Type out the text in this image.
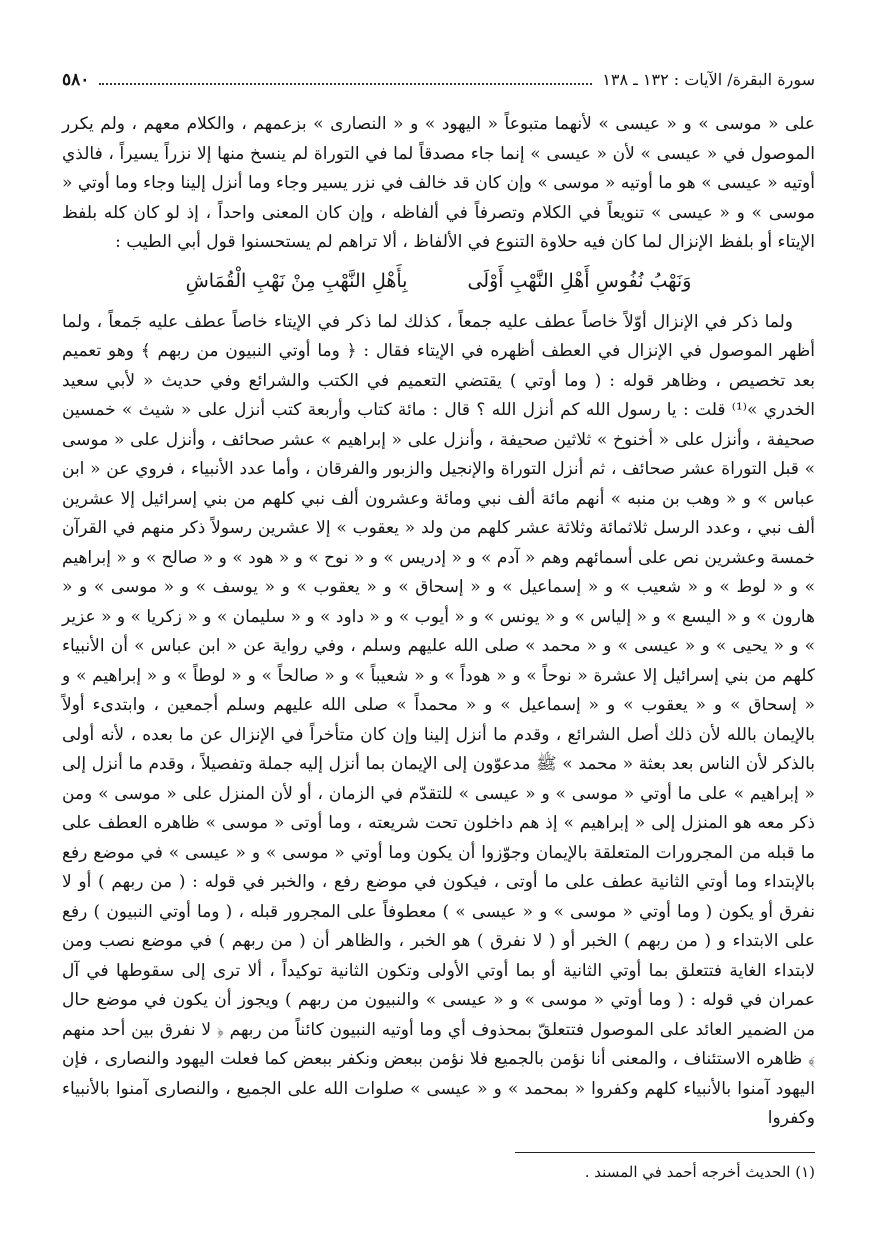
سورة البقرة/ الآيات : ١٣٢ ـ ١٣٨
٥٨٠

على « موسى » و « عيسى » لأنهما متبوعاً « اليهود » و « النصارى » بزعمهم ، والكلام معهم ، ولم يكرر الموصول في « عيسى » لأن « عيسى » إنما جاء مصدقاً لما في التوراة لم ينسخ منها إلا نزراً يسيراً ، فالذي أوتيه « عيسى » هو ما أوتيه « موسى » وإن كان قد خالف في نزر يسير وجاء وما أنزل إلينا وجاء وما أوتي « موسى » و « عيسى » تنويعاً في الكلام وتصرفاً في ألفاظه ، وإن كان المعنى واحداً ، إذ لو كان كله بلفظ الإيتاء أو بلفظ الإنزال لما كان فيه حلاوة التنوع في الألفاظ ، ألا تراهم لم يستحسنوا قول أبي الطيب :

وَنَهْبُ نُفُوسِ أَهْلِ النَّهْبِ أَوْلَى
بِأَهْلِ النَّهْبِ مِنْ نَهْبِ الْقُمَاشِ

ولما ذكر في الإنزال أوّلاً خاصاً عطف عليه جمعاً ، كذلك لما ذكر في الإيتاء خاصاً عطف عليه جَمعاً ، ولما أظهر الموصول في الإنزال في العطف أظهره في الإيتاء فقال : ﴿ وما أوتي النبيون من ربهم ﴾ وهو تعميم بعد تخصيص ، وظاهر قوله : ( وما أوتي ) يقتضي التعميم في الكتب والشرائع وفي حديث « لأبي سعيد الخدري »⁽¹⁾ قلت : يا رسول الله كم أنزل الله ؟ قال : مائة كتاب وأربعة كتب أنزل على « شيث » خمسين صحيفة ، وأنزل على « أخنوخ » ثلاثين صحيفة ، وأنزل على « إبراهيم » عشر صحائف ، وأنزل على « موسى » قبل التوراة عشر صحائف ، ثم أنزل التوراة والإنجيل والزبور والفرقان ، وأما عدد الأنبياء ، فروي عن « ابن عباس » و « وهب بن منبه » أنهم مائة ألف نبي ومائة وعشرون ألف نبي كلهم من بني إسرائيل إلا عشرين ألف نبي ، وعدد الرسل ثلاثمائة وثلاثة عشر كلهم من ولد « يعقوب » إلا عشرين رسولاً ذكر منهم في القرآن خمسة وعشرين نص على أسمائهم وهم « آدم » و « إدريس » و « نوح » و « هود » و « صالح » و « إبراهيم » و « لوط » و « شعيب » و « إسماعيل » و « إسحاق » و « يعقوب » و « يوسف » و « موسى » و « هارون » و « اليسع » و « إلياس » و « يونس » و « أيوب » و « داود » و « سليمان » و « زكريا » و « عزير » و « يحيى » و « عيسى » و « محمد » صلى الله عليهم وسلم ، وفي رواية عن « ابن عباس » أن الأنبياء كلهم من بني إسرائيل إلا عشرة « نوحاً » و « هوداً » و « شعيباً » و « صالحاً » و « لوطاً » و « إبراهيم » و « إسحاق » و « يعقوب » و « إسماعيل » و « محمداً » صلى الله عليهم وسلم أجمعين ، وابتدىء أولاً بالإيمان بالله لأن ذلك أصل الشرائع ، وقدم ما أنزل إلينا وإن كان متأخراً في الإنزال عن ما بعده ، لأنه أولى بالذكر لأن الناس بعد بعثة « محمد » ﷺ مدعوّون إلى الإيمان بما أنزل إليه جملة وتفصيلاً ، وقدم ما أنزل إلى « إبراهيم » على ما أوتي « موسى » و « عيسى » للتقدّم في الزمان ، أو لأن المنزل على « موسى » ومن ذكر معه هو المنزل إلى « إبراهيم » إذ هم داخلون تحت شريعته ، وما أوتى « موسى » ظاهره العطف على ما قبله من المجرورات المتعلقة بالإيمان وجوّزوا أن يكون وما أوتي « موسى » و « عيسى » في موضع رفع بالإبتداء وما أوتي الثانية عطف على ما أوتى ، فيكون في موضع رفع ، والخبر في قوله : ( من ربهم ) أو لا نفرق أو يكون ( وما أوتي « موسى » و « عيسى » ) معطوفاً على المجرور قبله ، ( وما أوتي النبيون ) رفع على الابتداء و ( من ربهم ) الخبر أو ( لا نفرق ) هو الخبر ، والظاهر أن ( من ربهم ) في موضع نصب ومن لابتداء الغاية فتتعلق بما أوتي الثانية أو بما أوتي الأولى وتكون الثانية توكيداً ، ألا ترى إلى سقوطها في آل عمران في قوله : ( وما أوتي « موسى » و « عيسى » والنبيون من ربهم ) ويجوز أن يكون في موضع حال من الضمير العائد على الموصول فتتعلقّ بمحذوف أي وما أوتيه النبيون كائناً من ربهم ﴿ لا نفرق بين أحد منهم ﴾ ظاهره الاستئناف ، والمعنى أنا نؤمن بالجميع فلا نؤمن ببعض ونكفر ببعض كما فعلت اليهود والنصارى ، فإن اليهود آمنوا بالأنبياء كلهم وكفروا « بمحمد » و « عيسى » صلوات الله على الجميع ، والنصارى آمنوا بالأنبياء وكفروا

(١) الحديث أخرجه أحمد في المسند .
